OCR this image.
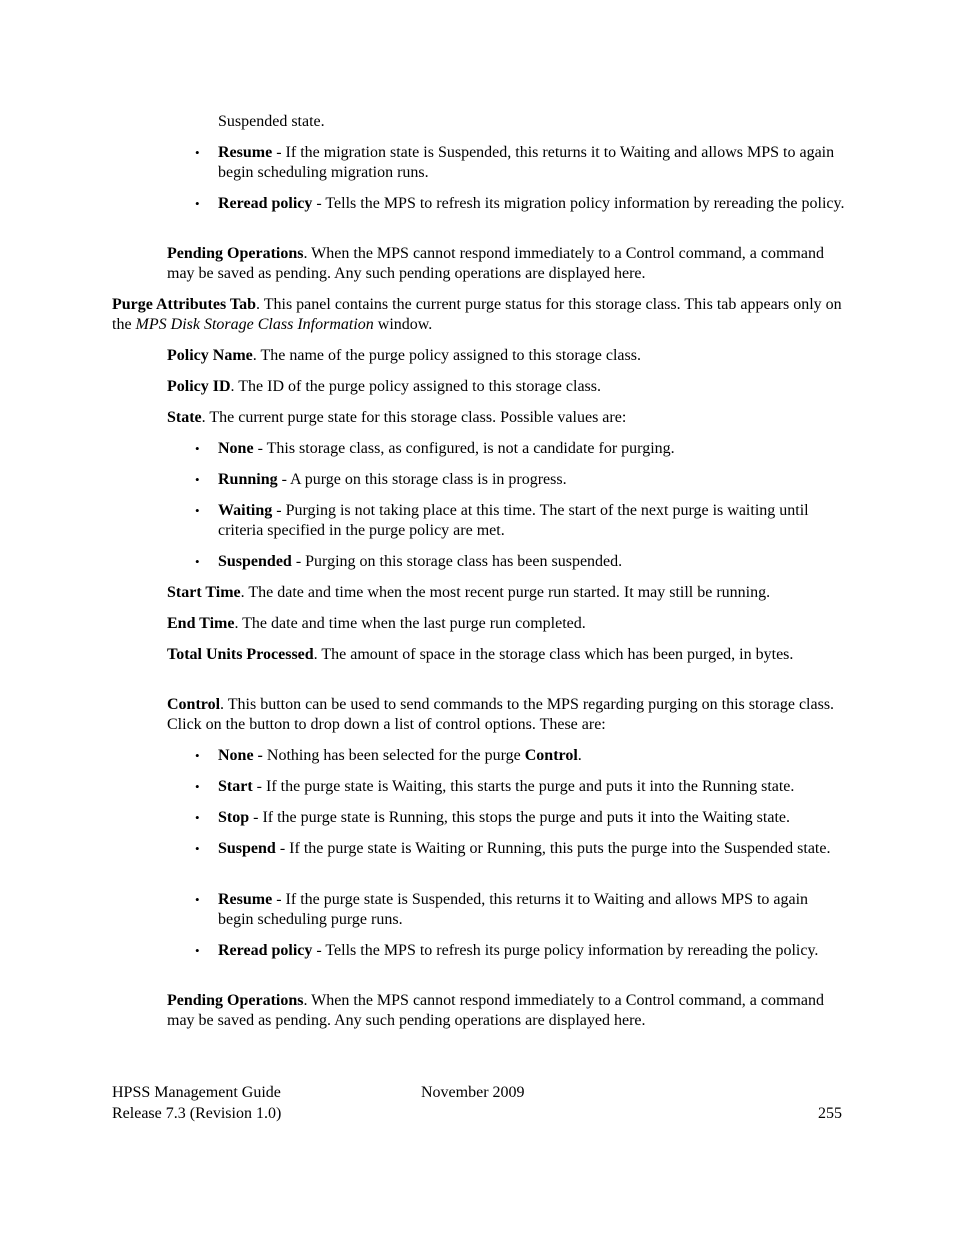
Suspended state.

• Resume - If the migration state is Suspended, this returns it to Waiting and allows MPS to again begin scheduling migration runs.
• Reread policy - Tells the MPS to refresh its migration policy information by rereading the policy.

Pending Operations. When the MPS cannot respond immediately to a Control command, a command may be saved as pending. Any such pending operations are displayed here.

Purge Attributes Tab. This panel contains the current purge status for this storage class. This tab appears only on the MPS Disk Storage Class Information window.

Policy Name. The name of the purge policy assigned to this storage class.

Policy ID. The ID of the purge policy assigned to this storage class.

State. The current purge state for this storage class. Possible values are:

• None - This storage class, as configured, is not a candidate for purging.
• Running - A purge on this storage class is in progress.
• Waiting - Purging is not taking place at this time. The start of the next purge is waiting until criteria specified in the purge policy are met.
• Suspended - Purging on this storage class has been suspended.

Start Time. The date and time when the most recent purge run started. It may still be running.

End Time. The date and time when the last purge run completed.

Total Units Processed. The amount of space in the storage class which has been purged, in bytes.

Control. This button can be used to send commands to the MPS regarding purging on this storage class. Click on the button to drop down a list of control options. These are:

• None - Nothing has been selected for the purge Control.
• Start - If the purge state is Waiting, this starts the purge and puts it into the Running state.
• Stop - If the purge state is Running, this stops the purge and puts it into the Waiting state.
• Suspend - If the purge state is Waiting or Running, this puts the purge into the Suspended state.
• Resume - If the purge state is Suspended, this returns it to Waiting and allows MPS to again begin scheduling purge runs.
• Reread policy - Tells the MPS to refresh its purge policy information by rereading the policy.

Pending Operations. When the MPS cannot respond immediately to a Control command, a command may be saved as pending. Any such pending operations are displayed here.

HPSS Management Guide	November 2009
Release 7.3 (Revision 1.0)	255
